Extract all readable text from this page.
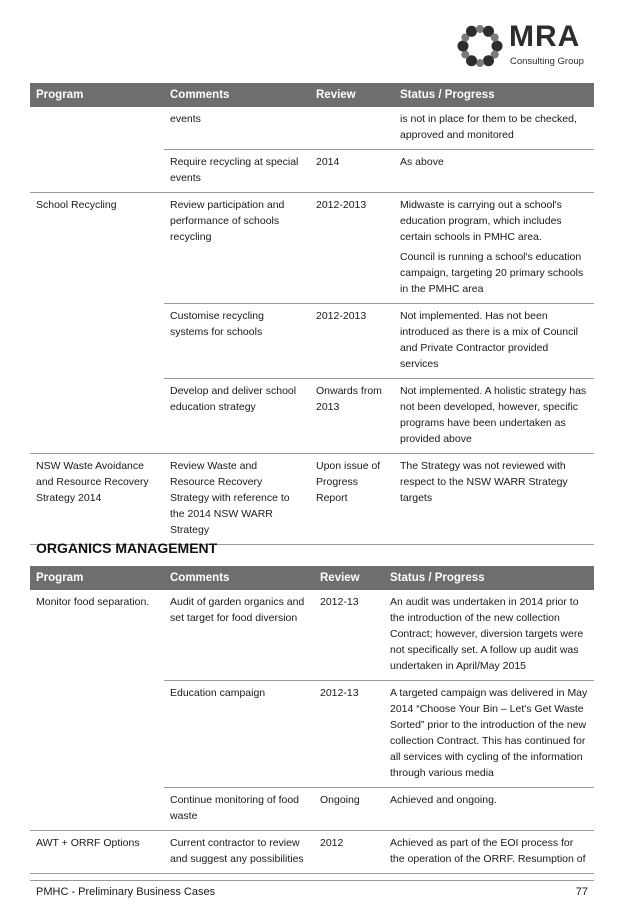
MRA
Consulting Group
Program	Comments	Review	Status / Progress
	events		is not in place for them to be checked, approved and monitored

	Require recycling at special events	2014	As above

School Recycling	Review participation and performance of schools recycling	2012-2013	Midwaste is carrying out a school's education program, which includes certain schools in PMHC area.

Council is running a school's education campaign, targeting 20 primary schools in the PMHC area

	Customise recycling systems for schools	2012-2013	Not implemented. Has not been introduced as there is a mix of Council and Private Contractor provided services

	Develop and deliver school education strategy	Onwards from 2013	Not implemented. A holistic strategy has not been developed, however, specific programs have been undertaken as provided above

NSW Waste Avoidance and Resource Recovery Strategy 2014	Review Waste and Resource Recovery Strategy with reference to the 2014 NSW WARR Strategy	Upon issue of Progress Report	The Strategy was not reviewed with respect to the NSW WARR Strategy targets

ORGANICS MANAGEMENT
Program	Comments	Review	Status / Progress
Monitor food separation.	Audit of garden organics and set target for food diversion	2012-13	An audit was undertaken in 2014 prior to the introduction of the new collection Contract; however, diversion targets were not specifically set. A follow up audit was undertaken in April/May 2015

	Education campaign	2012-13	A targeted campaign was delivered in May 2014 “Choose Your Bin – Let's Get Waste Sorted” prior to the introduction of the new collection Contract. This has continued for all services with cycling of the information through various media

	Continue monitoring of food waste	Ongoing	Achieved and ongoing.

AWT + ORRF Options	Current contractor to review and suggest any possibilities	2012	Achieved as part of the EOI process for the operation of the ORRF. Resumption of

PMHC - Preliminary Business Cases	77
